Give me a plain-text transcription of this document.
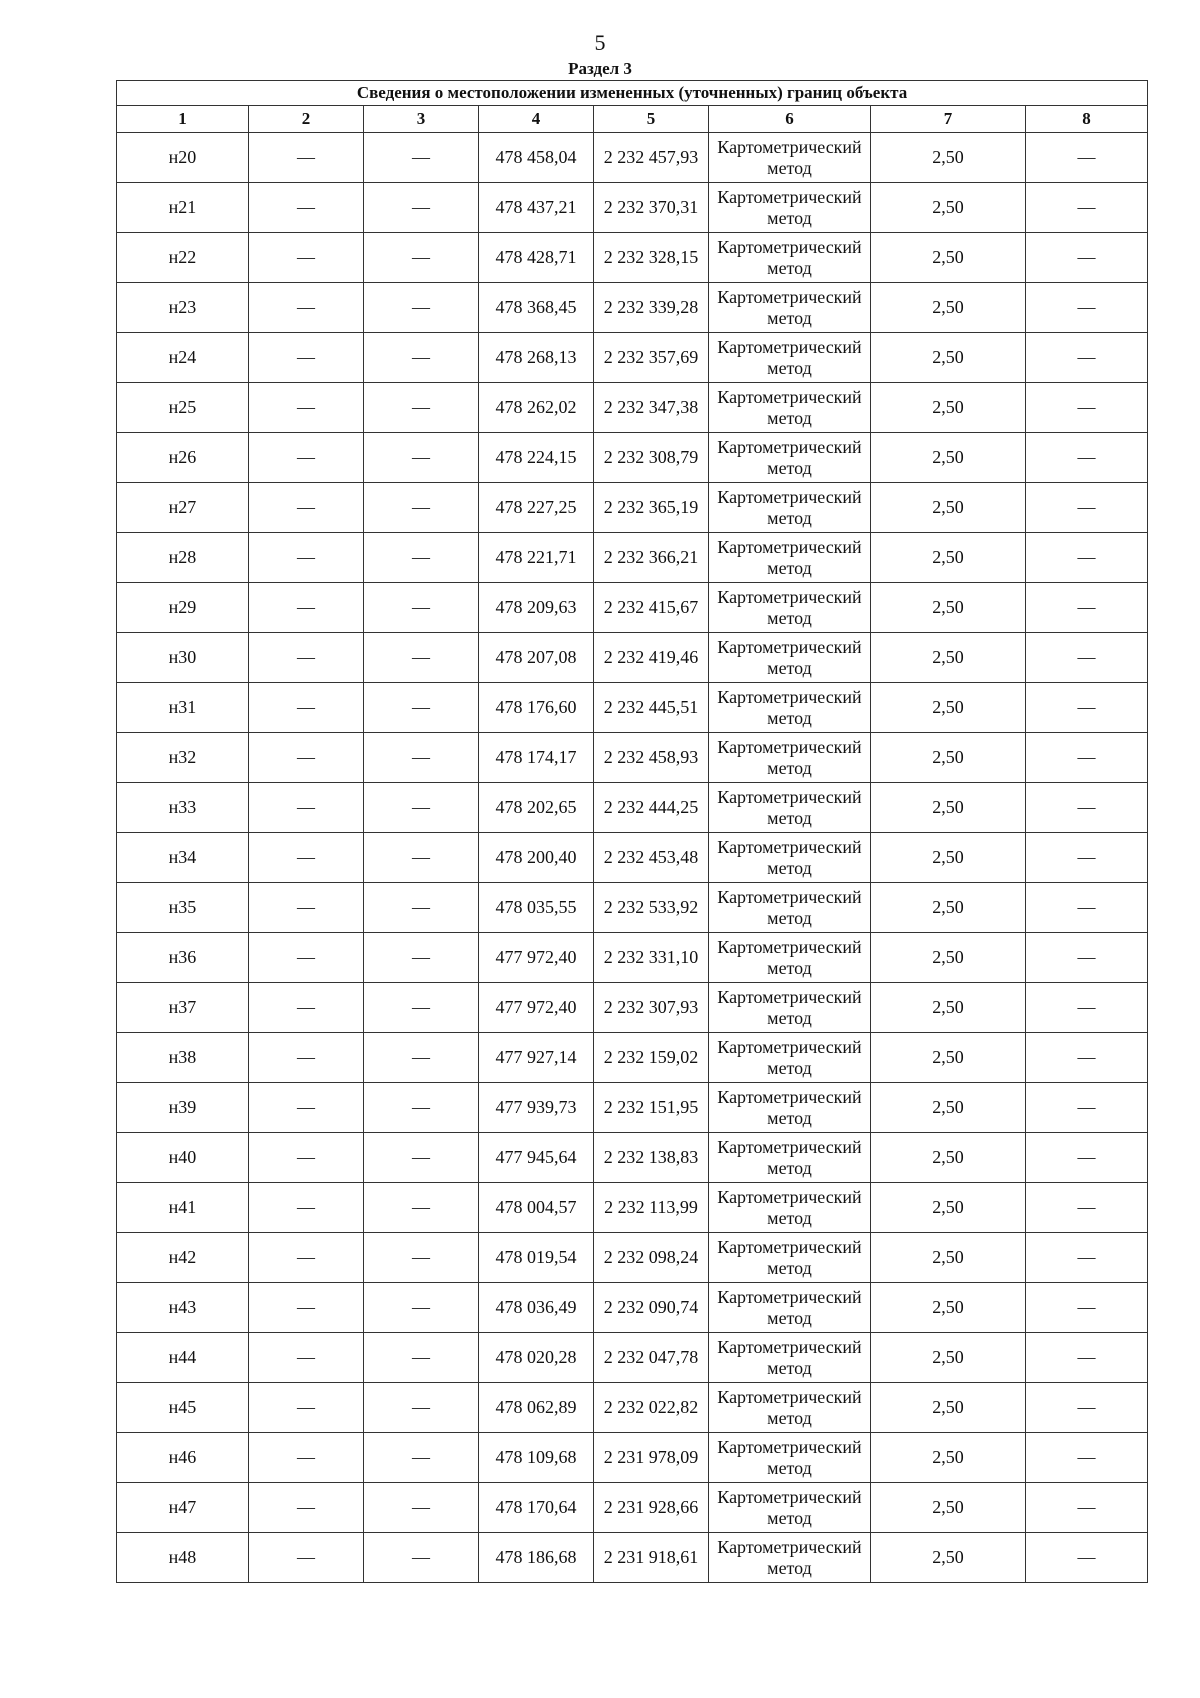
5
Раздел 3
Сведения о местоположении измененных (уточненных) границ объекта							
1	2	3	4	5	6	7	8
н20	—	—	478 458,04	2 232 457,93	Картометрический метод	2,50	—
н21	—	—	478 437,21	2 232 370,31	Картометрический метод	2,50	—
н22	—	—	478 428,71	2 232 328,15	Картометрический метод	2,50	—
н23	—	—	478 368,45	2 232 339,28	Картометрический метод	2,50	—
н24	—	—	478 268,13	2 232 357,69	Картометрический метод	2,50	—
н25	—	—	478 262,02	2 232 347,38	Картометрический метод	2,50	—
н26	—	—	478 224,15	2 232 308,79	Картометрический метод	2,50	—
н27	—	—	478 227,25	2 232 365,19	Картометрический метод	2,50	—
н28	—	—	478 221,71	2 232 366,21	Картометрический метод	2,50	—
н29	—	—	478 209,63	2 232 415,67	Картометрический метод	2,50	—
н30	—	—	478 207,08	2 232 419,46	Картометрический метод	2,50	—
н31	—	—	478 176,60	2 232 445,51	Картометрический метод	2,50	—
н32	—	—	478 174,17	2 232 458,93	Картометрический метод	2,50	—
н33	—	—	478 202,65	2 232 444,25	Картометрический метод	2,50	—
н34	—	—	478 200,40	2 232 453,48	Картометрический метод	2,50	—
н35	—	—	478 035,55	2 232 533,92	Картометрический метод	2,50	—
н36	—	—	477 972,40	2 232 331,10	Картометрический метод	2,50	—
н37	—	—	477 972,40	2 232 307,93	Картометрический метод	2,50	—
н38	—	—	477 927,14	2 232 159,02	Картометрический метод	2,50	—
н39	—	—	477 939,73	2 232 151,95	Картометрический метод	2,50	—
н40	—	—	477 945,64	2 232 138,83	Картометрический метод	2,50	—
н41	—	—	478 004,57	2 232 113,99	Картометрический метод	2,50	—
н42	—	—	478 019,54	2 232 098,24	Картометрический метод	2,50	—
н43	—	—	478 036,49	2 232 090,74	Картометрический метод	2,50	—
н44	—	—	478 020,28	2 232 047,78	Картометрический метод	2,50	—
н45	—	—	478 062,89	2 232 022,82	Картометрический метод	2,50	—
н46	—	—	478 109,68	2 231 978,09	Картометрический метод	2,50	—
н47	—	—	478 170,64	2 231 928,66	Картометрический метод	2,50	—
н48	—	—	478 186,68	2 231 918,61	Картометрический метод	2,50	—
